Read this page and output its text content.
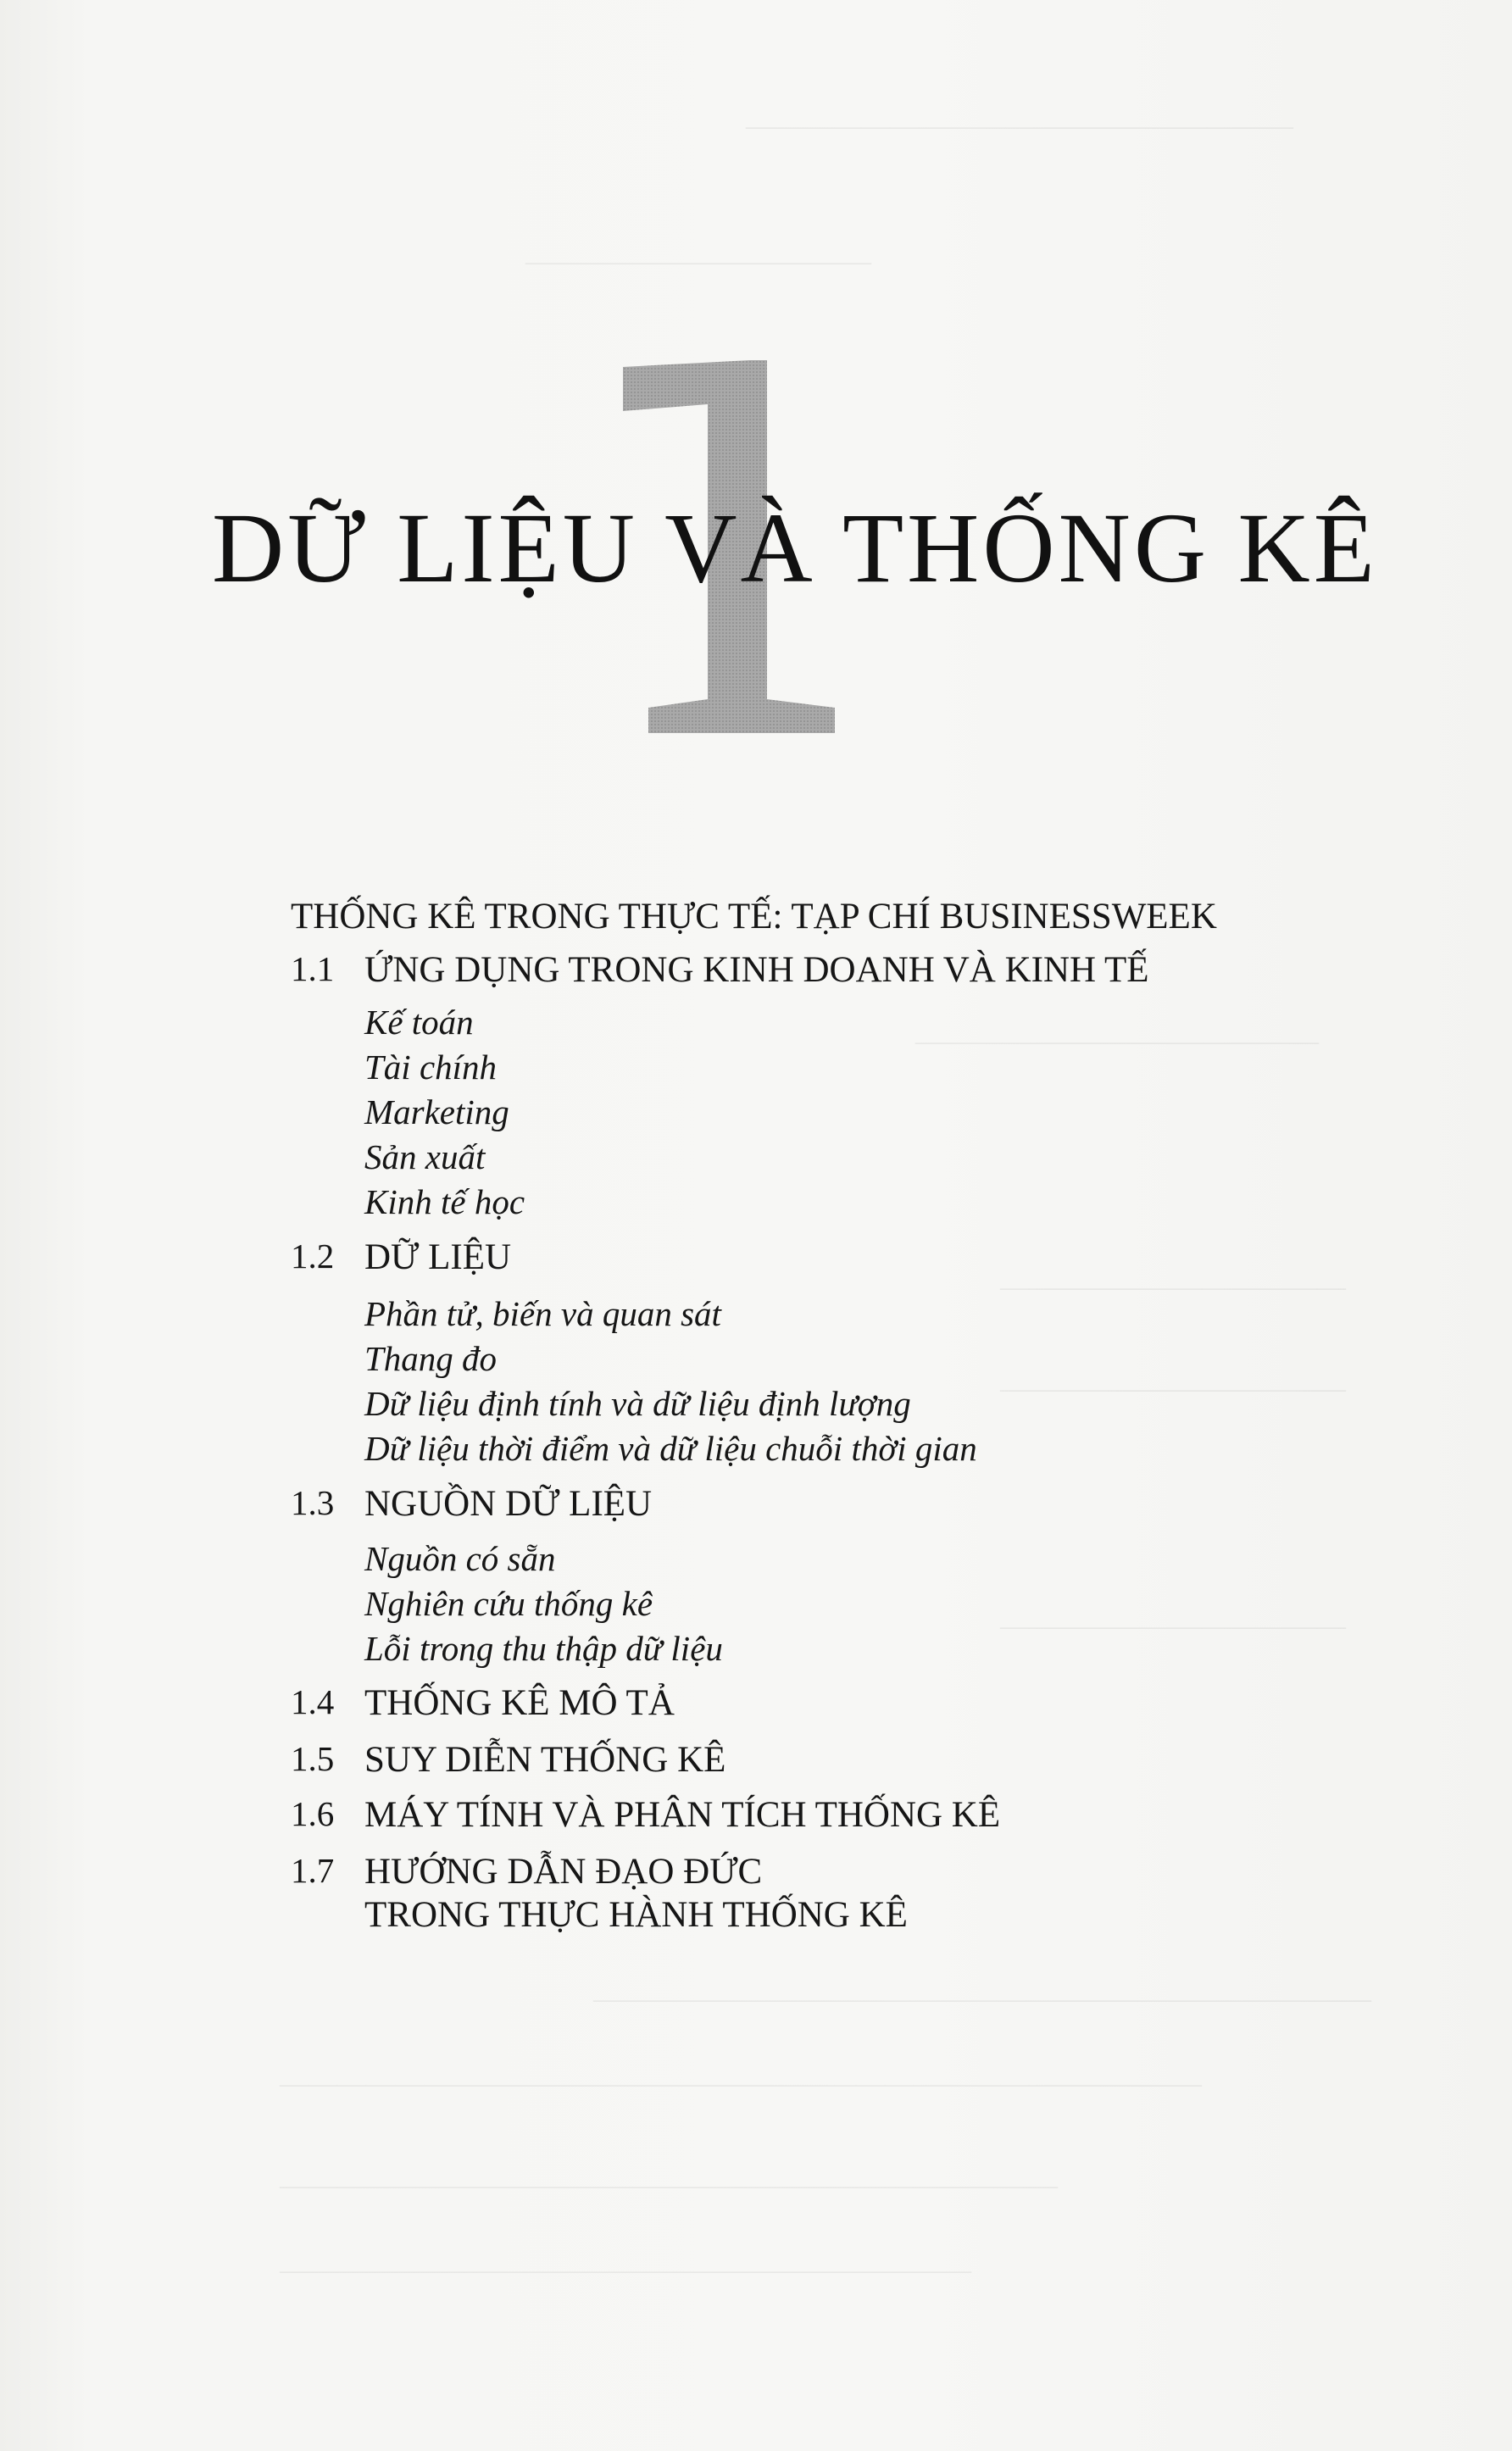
———————————————————
————————————
——————————————
————————————
————————————
————————————
———————————————————————————
————————————————————————————————
———————————————————————————
————————————————————————
DỮ LIỆU VÀ THỐNG KÊ
THỐNG KÊ TRONG THỰC TẾ: TẠP CHÍ BUSINESSWEEK
1.1 ỨNG DỤNG TRONG KINH DOANH VÀ KINH TẾ
Kế toán
Tài chính
Marketing
Sản xuất
Kinh tế học
1.2 DỮ LIỆU
Phần tử, biến và quan sát
Thang đo
Dữ liệu định tính và dữ liệu định lượng
Dữ liệu thời điểm và dữ liệu chuỗi thời gian
1.3 NGUỒN DỮ LIỆU
Nguồn có sẵn
Nghiên cứu thống kê
Lỗi trong thu thập dữ liệu
1.4 THỐNG KÊ MÔ TẢ
1.5 SUY DIỄN THỐNG KÊ
1.6 MÁY TÍNH VÀ PHÂN TÍCH THỐNG KÊ
1.7 HƯỚNG DẪN ĐẠO ĐỨC
TRONG THỰC HÀNH THỐNG KÊ
